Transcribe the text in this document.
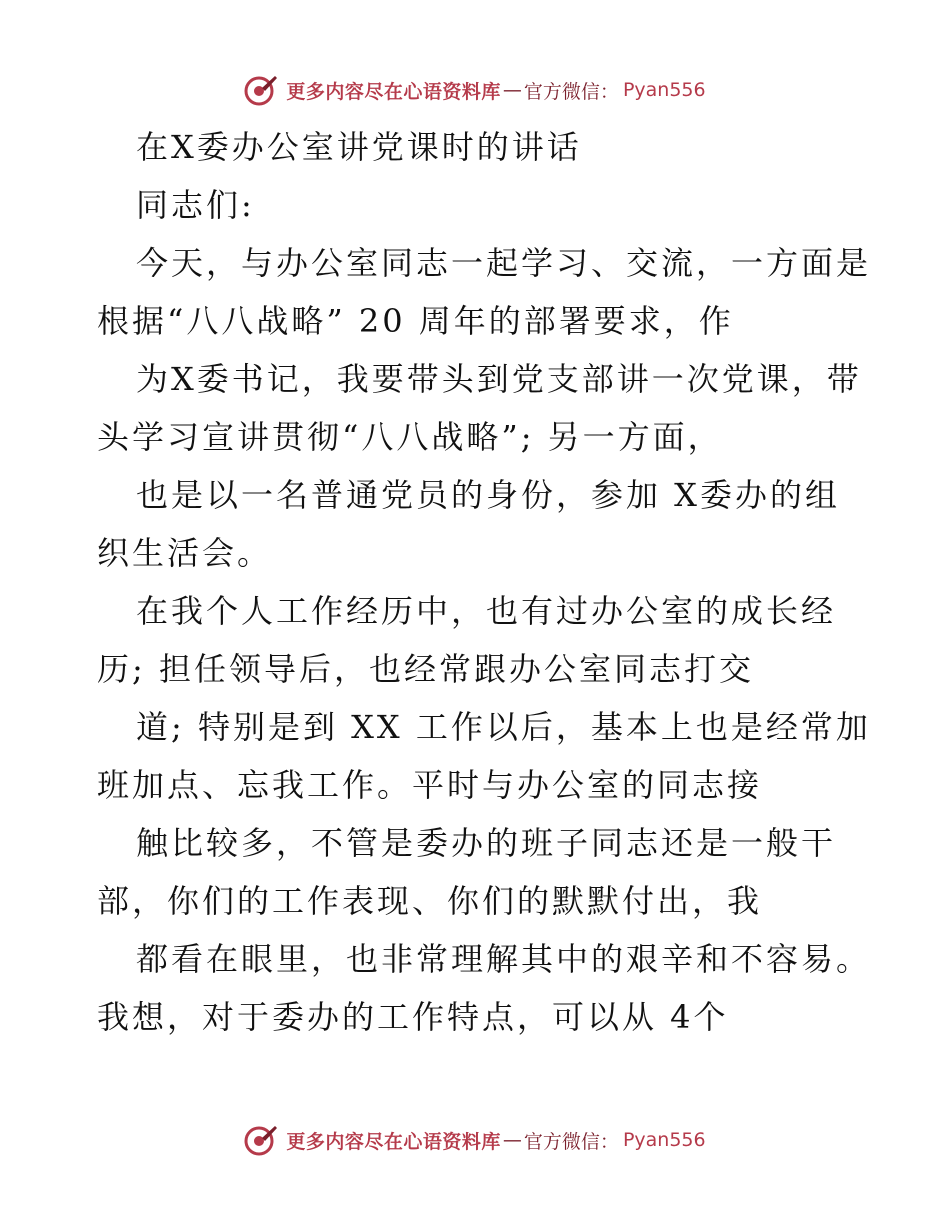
更多内容尽在心语资料库 — 官方微信： Pyan556
在X委办公室讲党课时的讲话
同志们:
今天，与办公室同志一起学习、交流，一方面是
根据“八八战略” 20 周年的部署要求，作
为X委书记，我要带头到党支部讲一次党课，带
头学习宣讲贯彻“八八战略”; 另一方面，
也是以一名普通党员的身份，参加 X委办的组
织生活会。
在我个人工作经历中，也有过办公室的成长经
历; 担任领导后，也经常跟办公室同志打交
道; 特别是到 XX 工作以后，基本上也是经常加
班加点、忘我工作。平时与办公室的同志接
触比较多，不管是委办的班子同志还是一般干
部，你们的工作表现、你们的默默付出，我
都看在眼里，也非常理解其中的艰辛和不容易。
我想，对于委办的工作特点，可以从 4个
更多内容尽在心语资料库 — 官方微信： Pyan556
